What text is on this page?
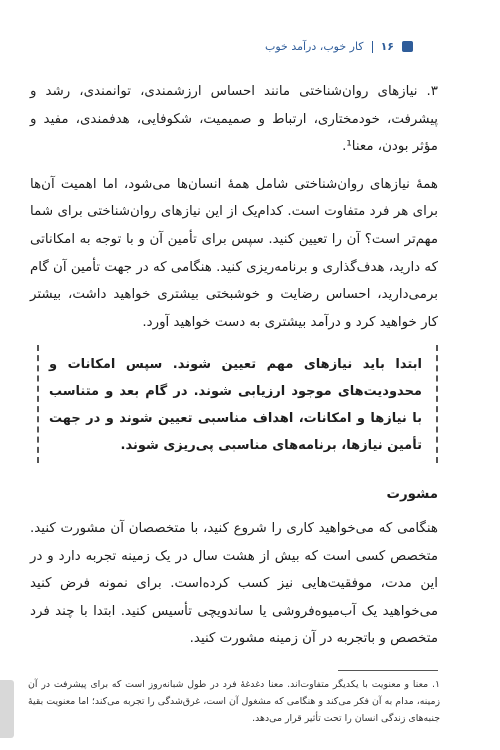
۱۶
کار خوب، درآمد خوب

۳. نیازهای روان‌شناختی مانند احساس ارزشمندی، توانمندی، رشد و پیشرفت، خودمختاری، ارتباط و صمیمیت، شکوفایی، هدفمندی، مفید و مؤثر بودن، معنا¹.

همهٔ نیازهای روان‌شناختی شامل همهٔ انسان‌ها می‌شود، اما اهمیت آن‌ها برای هر فرد متفاوت است. کدام‌یک از این نیازهای روان‌شناختی برای شما مهم‌تر است؟ آن را تعیین کنید. سپس برای تأمین آن و با توجه به امکاناتی که دارید، هدف‌گذاری و برنامه‌ریزی کنید. هنگامی که در جهت تأمین آن گام برمی‌دارید، احساس رضایت و خوشبختی بیشتری خواهید داشت، بیشتر کار خواهید کرد و درآمد بیشتری به دست خواهید آورد.

ابتدا باید نیازهای مهم تعیین شوند. سپس امکانات و محدودیت‌های موجود ارزیابی شوند. در گام بعد و متناسب با نیازها و امکانات، اهداف مناسبی تعیین شوند و در جهت تأمین نیازها، برنامه‌های مناسبی پی‌ریزی شوند.

مشورت

هنگامی که می‌خواهید کاری را شروع کنید، با متخصصان آن مشورت کنید. متخصص کسی است که بیش از هشت سال در یک زمینه تجربه دارد و در این مدت، موفقیت‌هایی نیز کسب کرده‌است. برای نمونه فرض کنید می‌خواهید یک آب‌میوه‌فروشی یا ساندویچی تأسیس کنید. ابتدا با چند فرد متخصص و باتجربه در آن زمینه مشورت کنید.

۱. معنا و معنویت با یکدیگر متفاوت‌اند. معنا دغدغهٔ فرد در طول شبانه‌روز است که برای پیشرفت در آن زمینه، مدام به آن فکر می‌کند و هنگامی که مشغول آن است، غرق‌شدگی را تجربه می‌کند؛ اما معنویت بقیهٔ جنبه‌های زندگی انسان را تحت تأثیر قرار می‌دهد.
